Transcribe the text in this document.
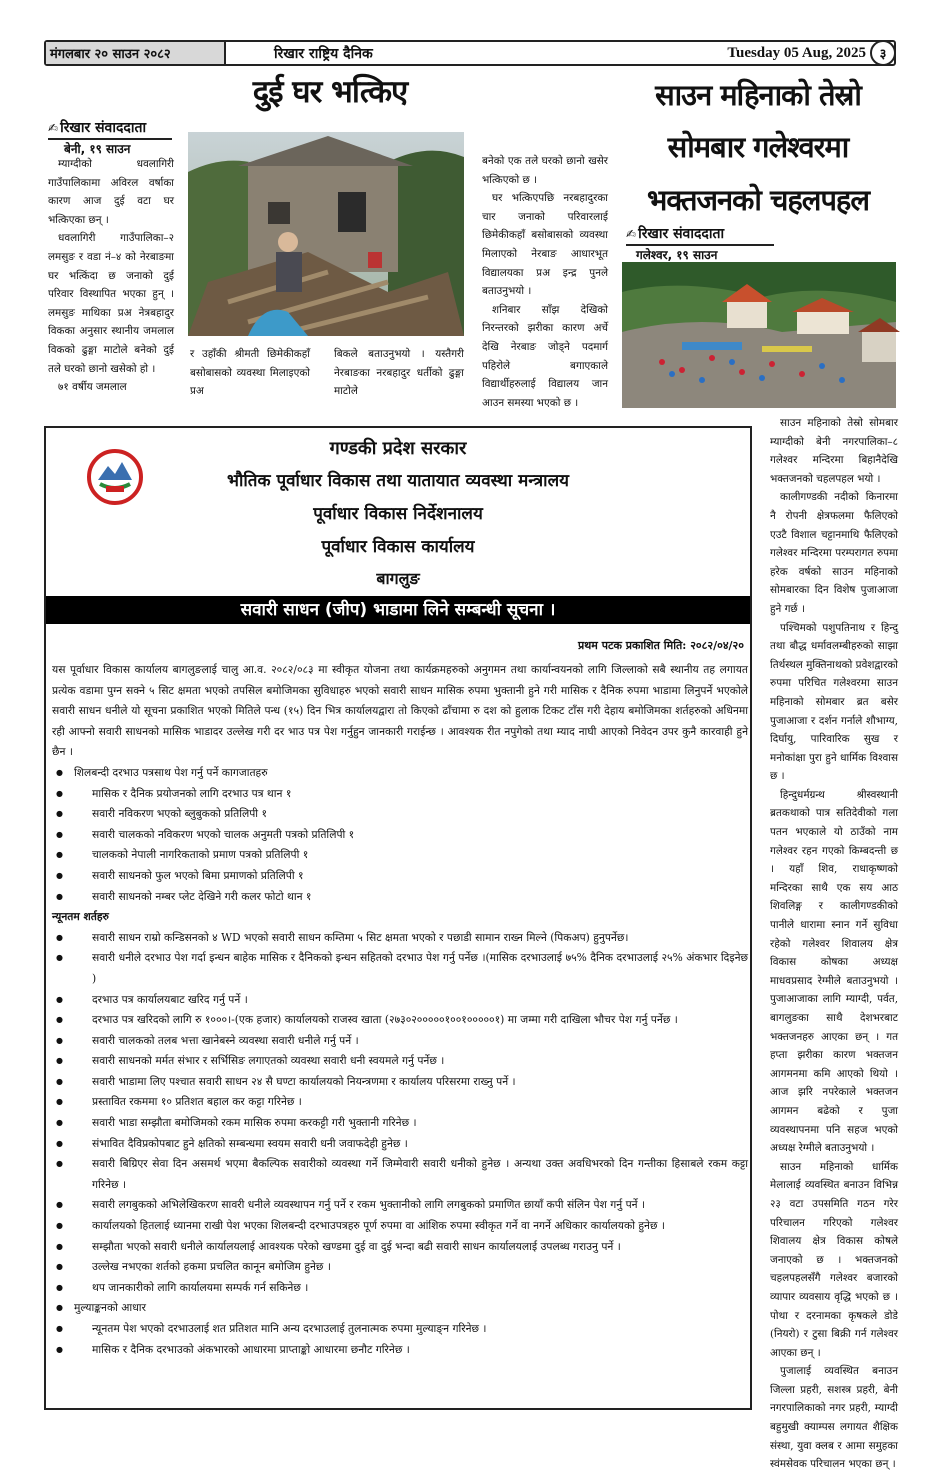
मंगलबार २० साउन २०८२	रिखार राष्ट्रिय दैनिक	Tuesday 05 Aug, 2025	३
दुई घर भत्किए
✍ रिखार संवाददाता
बेनी, १९ साउन

म्याग्दीको धवलागिरी गाउँपालिकामा अविरल वर्षाका कारण आज दुई वटा घर भत्किएका छन् ।

धवलागिरी गाउँपालिका–२ लमसुङ र वडा नं–४ को नेरबाङमा घर भत्किंदा छ जनाको दुई परिवार विस्थापित भएका हुन् । लमसुङ माथिका प्रअ नेत्रबहादुर विकका अनुसार स्थानीय जमलाल विकको ढुङ्गा माटोले बनेको दुई तले घरको छानो खसेको हो ।

७१ वर्षीय जमलाल

र उहाँकी श्रीमती छिमेकीकहाँ बसोबासको व्यवस्था मिलाइएको प्रअ

बिकले बताउनुभयो । यस्तैगरी नेरबाङका नरबहादुर धर्तीको ढुङ्गा माटोले

बनेको एक तले घरको छानो खसेर भत्किएको छ ।

घर भत्किएपछि नरबहादुरका चार जनाको परिवारलाई छिमेकीकहाँ बसोबासको व्यवस्था मिलाएको नेरबाङ आधारभूत विद्यालयका प्रअ इन्द्र पुनले बताउनुभयो ।

शनिबार साँझ देखिको निरन्तरको झरीका कारण अर्चे देखि नेरबाङ जोड्ने पदमार्ग पहिरोले बगाएकाले विद्यार्थीहरुलाई विद्यालय जान आउन समस्या भएको छ ।

साउन महिनाको तेस्रो
सोमबार गलेश्वरमा
भक्तजनको चहलपहल
✍ रिखार संवाददाता
गलेश्वर, १९ साउन

साउन महिनाको तेस्रो सोमबार म्याग्दीको बेनी नगरपालिका–८ गलेश्वर मन्दिरमा बिहानैदेखि भक्तजनको चहलपहल भयो ।

कालीगण्डकी नदीको किनारमा नै रोपनी क्षेत्रफलमा फैलिएको एउटै विशाल चट्टानमाथि फैलिएको गलेश्वर मन्दिरमा परम्परागत रुपमा हरेक वर्षको साउन महिनाको सोमबारका दिन विशेष पुजाआजा हुने गर्छ ।

पश्चिमको पशुपतिनाथ र हिन्दु तथा बौद्ध धर्मावलम्बीहरुको साझा तिर्थस्थल मुक्तिनाथको प्रवेशद्वारको रुपमा परिचित गलेश्वरमा साउन महिनाको सोमबार ब्रत बसेर पुजाआजा र दर्शन गर्नाले शौभाग्य, दिर्घायु, पारिवारिक सुख र मनोकांक्षा पुरा हुने धार्मिक विश्वास छ ।

हिन्दुधर्मग्रन्थ श्रीस्वस्थानी ब्रतकथाको पात्र सतिदेवीको गला पतन भएकाले यो ठाउँको नाम गलेश्वर रहन गएको किम्बदन्ती छ । यहाँ शिव, राधाकृष्णको मन्दिरका साथै एक सय आठ शिवलिङ्ग र कालीगण्डकीको पानीले धारामा स्नान गर्ने सुविधा रहेको गलेश्वर शिवालय क्षेत्र विकास कोषका अध्यक्ष माधवप्रसाद रेग्मीले बताउनुभयो । पुजाआजाका लागि म्याग्दी, पर्वत, बागलुङका साथै देशभरबाट भक्तजनहरु आएका छन् । गत हप्ता झरीका कारण भक्तजन आगमनमा कमि आएको थियो । आज झरि नपरेकाले भक्तजन आगमन बढेको र पुजा व्यवस्थापनमा पनि सहज भएको अध्यक्ष रेग्मीले बताउनुभयो ।

साउन महिनाको धार्मिक मेलालाई व्यवस्थित बनाउन विभिन्न २३ वटा उपसमिति गठन गरेर परिचालन गरिएको गलेश्वर शिवालय क्षेत्र विकास कोषले जनाएको छ । भक्तजनको चहलपहलसँगै गलेश्वर बजारको व्यापार व्यवसाय वृद्धि भएको छ । पोथा र दरनामका कृषकले डोडे (नियरो) र टुसा बिक्री गर्न गलेश्वर आएका छन् ।

पुजालाई व्यवस्थित बनाउन जिल्ला प्रहरी, सशस्त्र प्रहरी, बेनी नगरपालिकाको नगर प्रहरी, म्याग्दी बहुमुखी क्याम्पस लगायत शैक्षिक संस्था, युवा क्लब र आमा समुहका स्वंमसेवक परिचालन भएका छन् ।

गण्डकी प्रदेश सरकार
भौतिक पूर्वाधार विकास तथा यातायात व्यवस्था मन्त्रालय
पूर्वाधार विकास निर्देशनालय
पूर्वाधार विकास कार्यालय
बागलुङ
सवारी साधन (जीप) भाडामा लिने सम्बन्धी सूचना ।
प्रथम पटक प्रकाशित मिति: २०८२/०४/२०

यस पूर्वाधार विकास कार्यालय बागलुङलाई चालु आ.व. २०८२/०८३ मा स्वीकृत योजना तथा कार्यक्रमहरुको अनुगमन तथा कार्यान्वयनको लागि जिल्लाको सबै स्थानीय तह लगायत प्रत्येक वडामा पुग्न सक्ने ५ सिट क्षमता भएको तपसिल बमोजिमका सुविधाहरु भएको सवारी साधन मासिक रुपमा भुक्तानी हुने गरी मासिक र दैनिक रुपमा भाडामा लिनुपर्ने भएकोले सवारी साधन धनीले यो सूचना प्रकाशित भएको मितिले पन्ध (१५) दिन भित्र कार्यालयद्वारा तो किएको ढाँचामा रु दश को हुलाक टिकट टाँस गरी देहाय बमोजिमका शर्तहरुको अधिनमा रही आफ्नो सवारी साधनको मासिक भाडादर उल्लेख गरी दर भाउ पत्र पेश गर्नुहुन जानकारी गराईन्छ । आवश्यक रीत नपुगेको तथा म्याद नाघी आएको निवेदन उपर कुनै कारवाही हुने छैन ।

● शिलबन्दी दरभाउ पत्रसाथ पेश गर्नु पर्ने कागजातहरु
● मासिक र दैनिक प्रयोजनको लागि दरभाउ पत्र थान १
● सवारी नविकरण भएको ब्लुबुकको प्रतिलिपी १
● सवारी चालकको नविकरण भएको चालक अनुमती पत्रको प्रतिलिपी १
● चालकको नेपाली नागरिकताको प्रमाण पत्रको प्रतिलिपी १
● सवारी साधनको फुल भएको बिमा प्रमाणको प्रतिलिपी १
● सवारी साधनको नम्बर प्लेट देखिने गरी कलर फोटो थान १
न्यूनतम शर्तहरु
● सवारी साधन राम्रो कन्डिसनको ४ WD भएको सवारी साधन कम्तिमा ५ सिट क्षमता भएको र पछाडी सामान राख्न मिल्ने (पिकअप) हुनुपर्नेछ।
● सवारी धनीले दरभाउ पेश गर्दा इन्धन बाहेक मासिक र दैनिकको इन्धन सहितको दरभाउ पेश गर्नु पर्नेछ ।(मासिक दरभाउलाई ७५% दैनिक दरभाउलाई २५% अंकभार दिइनेछ )
● दरभाउ पत्र कार्यालयबाट खरिद गर्नु पर्ने ।
● दरभाउ पत्र खरिदको लागि रु १०००।-(एक हजार) कार्यालयको राजस्व खाता (२७३०२०००००१००१०००००१) मा जम्मा गरी दाखिला भौचर पेश गर्नु पर्नेछ ।
● सवारी चालकको तलब भत्ता खानेबस्ने व्यवस्था सवारी धनीले गर्नु पर्ने ।
● सवारी साधनको मर्मत संभार र सर्भिसिङ लगाएतको व्यवस्था सवारी धनी स्वयमले गर्नु पर्नेछ ।
● सवारी भाडामा लिए पश्चात सवारी साधन २४ सै घण्टा कार्यालयको नियन्त्रणमा र कार्यालय परिसरमा राख्नु पर्ने ।
● प्रस्तावित रकममा १० प्रतिशत बहाल कर कट्टा गरिनेछ ।
● सवारी भाडा सम्झौता बमोजिमको रकम मासिक रुपमा करकट्टी गरी भुक्तानी गरिनेछ ।
● संभावित दैविप्रकोपबाट हुने क्षतिको सम्बन्धमा स्वयम सवारी धनी जवाफदेही हुनेछ ।
● सवारी बिग्रिएर सेवा दिन असमर्थ भएमा बैकल्पिक सवारीको व्यवस्था गर्ने जिम्मेवारी सवारी धनीको हुनेछ । अन्यथा उक्त अवधिभरको दिन गन्तीका हिसाबले रकम कट्टा गरिनेछ ।
● सवारी लगबुकको अभिलेखिकरण सावरी धनीले व्यवस्थापन गर्नु पर्ने र रकम भुक्तानीको लागि लगबुकको प्रमाणित छायाँ कपी संलिन पेश गर्नु पर्ने ।
● कार्यालयको हितलाई ध्यानमा राखी पेश भएका शिलबन्दी दरभाउपत्रहरु पूर्ण रुपमा वा आंशिक रुपमा स्वीकृत गर्ने वा नगर्ने अधिकार कार्यालयको हुनेछ ।
● सम्झौता भएको सवारी धनीले कार्यालयलाई आवश्यक परेको खण्डमा दुई वा दुई भन्दा बढी सवारी साधन कार्यालयलाई उपलब्ध गराउनु पर्ने ।
● उल्लेख नभएका शर्तको हकमा प्रचलित कानून बमोजिम हुनेछ ।
● थप जानकारीको लागि कार्यालयमा सम्पर्क गर्न सकिनेछ ।
● मुल्याङ्कनको आधार
● न्यूनतम पेश भएको दरभाउलाई शत प्रतिशत मानि अन्य दरभाउलाई तुलनात्मक रुपमा मुल्याङ्न गरिनेछ ।
● मासिक र दैनिक दरभाउको अंकभारको आधारमा प्राप्ताङ्को आधारमा छनौट गरिनेछ ।
